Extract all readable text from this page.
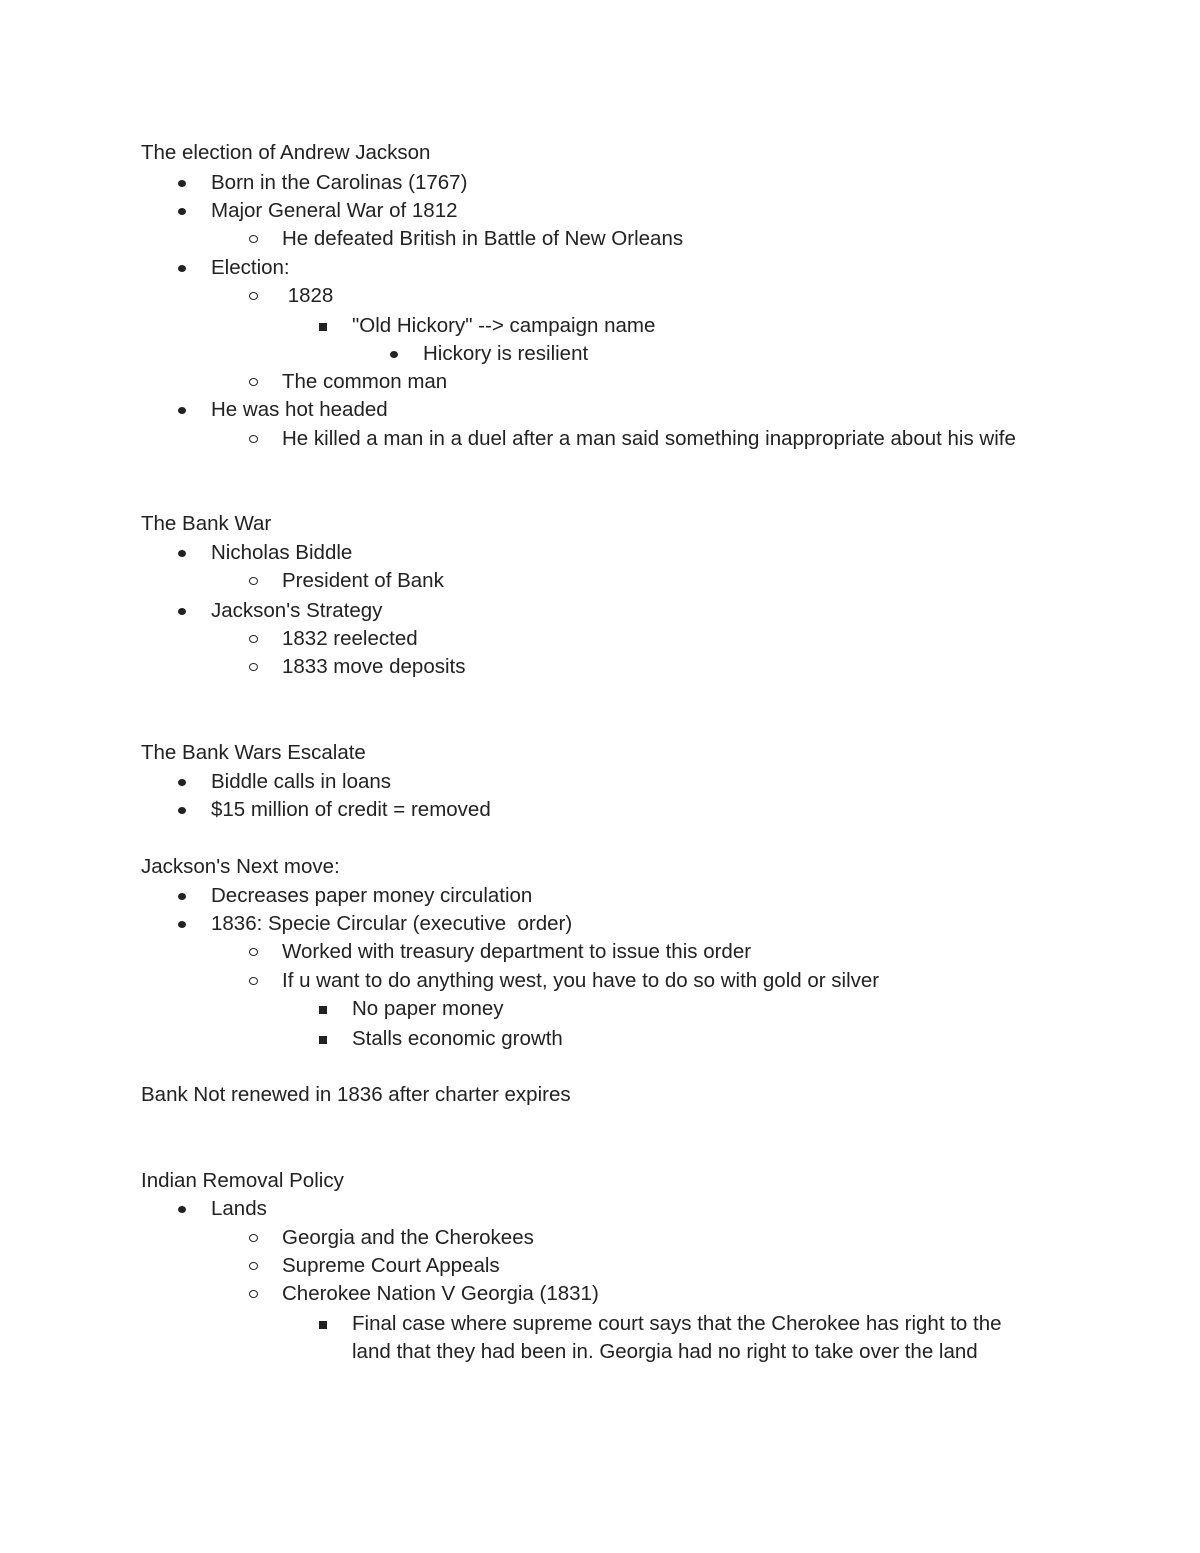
The election of Andrew Jackson
Born in the Carolinas (1767)
Major General War of 1812
He defeated British in Battle of New Orleans
Election:
1828
"Old Hickory" --> campaign name
Hickory is resilient
The common man
He was hot headed
He killed a man in a duel after a man said something inappropriate about his wife
The Bank War
Nicholas Biddle
President of Bank
Jackson's Strategy
1832 reelected
1833 move deposits
The Bank Wars Escalate
Biddle calls in loans
$15 million of credit = removed
Jackson's Next move:
Decreases paper money circulation
1836: Specie Circular (executive  order)
Worked with treasury department to issue this order
If u want to do anything west, you have to do so with gold or silver
No paper money
Stalls economic growth
Bank Not renewed in 1836 after charter expires
Indian Removal Policy
Lands
Georgia and the Cherokees
Supreme Court Appeals
Cherokee Nation V Georgia (1831)
Final case where supreme court says that the Cherokee has right to the
land that they had been in. Georgia had no right to take over the land
